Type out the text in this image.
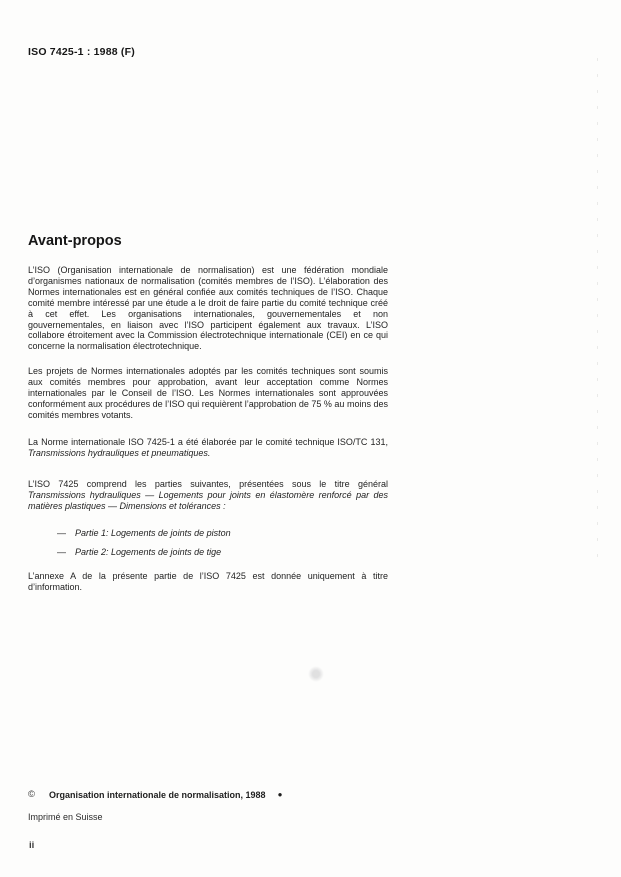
ISO 7425-1 : 1988 (F)
Avant-propos

L’ISO (Organisation internationale de normalisation) est une fédération mondiale d’organismes nationaux de normalisation (comités membres de l’ISO). L’élaboration des Normes internationales est en général confiée aux comités techniques de l’ISO. Chaque comité membre intéressé par une étude a le droit de faire partie du comité technique créé à cet effet. Les organisations internationales, gouvernementales et non gouvernementales, en liaison avec l’ISO participent également aux travaux. L’ISO collabore étroitement avec la Commission électrotechnique internationale (CEI) en ce qui concerne la normalisation électrotechnique.

Les projets de Normes internationales adoptés par les comités techniques sont soumis aux comités membres pour approbation, avant leur acceptation comme Normes internationales par le Conseil de l’ISO. Les Normes internationales sont approuvées conformément aux procédures de l’ISO qui requièrent l’approbation de 75 % au moins des comités membres votants.

La Norme internationale ISO 7425-1 a été élaborée par le comité technique ISO/TC 131, Transmissions hydrauliques et pneumatiques.

L’ISO 7425 comprend les parties suivantes, présentées sous le titre général Transmissions hydrauliques — Logements pour joints en élastomère renforcé par des matières plastiques — Dimensions et tolérances :

— Partie 1: Logements de joints de piston
— Partie 2: Logements de joints de tige

L’annexe A de la présente partie de l’ISO 7425 est donnée uniquement à titre d’information.

© Organisation internationale de normalisation, 1988 ●
Imprimé en Suisse
ii
